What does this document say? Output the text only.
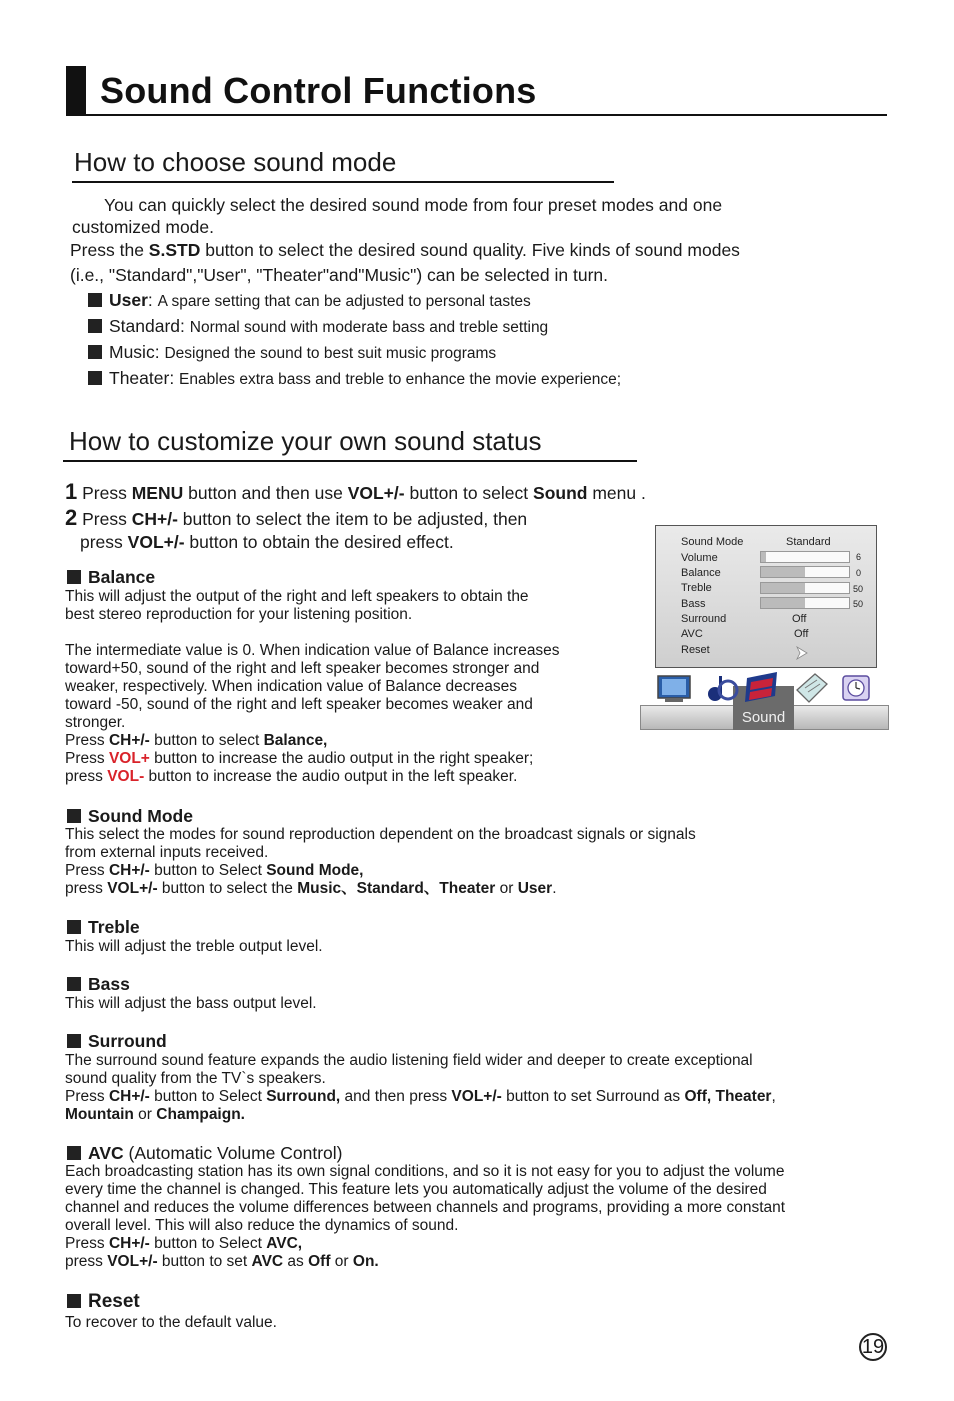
Sound Control Functions
How to choose sound mode
You can quickly select the desired sound mode from four preset modes and one
customized mode.
Press the S.STD button to select the desired sound quality. Five kinds of sound modes
(i.e., "Standard","User", "Theater"and"Music") can be selected in turn.
User: A spare setting that can be adjusted to personal tastes
Standard: Normal sound with moderate bass and treble setting
Music: Designed the sound to best suit music programs
Theater: Enables extra bass and treble to enhance the movie experience;
How to customize your own sound status
1 Press MENU button and then use VOL+/- button to select Sound menu .
2 Press CH+/- button to select the item to be adjusted, then
press VOL+/- button to obtain the desired effect.	Sound Mode	Standard
Volume	6
Balance	0
Treble	50
Bass	50
Surround	Off
AVC	Off
Reset
Sound
Balance
This will adjust the output of the right and left speakers to obtain the
best stereo reproduction for your listening position.
The intermediate value is 0. When indication value of Balance increases
toward+50, sound of the right and left speaker becomes stronger and
weaker, respectively. When indication value of Balance decreases
toward -50, sound of the right and left speaker becomes weaker and
stronger.
Press CH+/- button to select Balance,
Press VOL+ button to increase the audio output in the right speaker;
press VOL- button to increase the audio output in the left speaker.
Sound Mode
This select the modes for sound reproduction dependent on the broadcast signals or signals
from external inputs received.
Press CH+/- button to Select Sound Mode,
press VOL+/- button to select the Music、Standard、Theater or User.
Treble
This will adjust the treble output level.
Bass
This will adjust the bass output level.
Surround
The surround sound feature expands the audio listening field wider and deeper to create exceptional
sound quality from the TV`s speakers.
Press CH+/- button to Select Surround, and then press VOL+/- button to set Surround as Off, Theater,
Mountain or Champaign.
AVC (Automatic Volume Control)
Each broadcasting station has its own signal conditions, and so it is not easy for you to adjust the volume
every time the channel is changed. This feature lets you automatically adjust the volume of the desired
channel and reduces the volume differences between channels and programs, providing a more constant
overall level. This will also reduce the dynamics of sound.
Press CH+/- button to Select AVC,
press VOL+/- button to set AVC as Off or On.
Reset
To recover to the default value.
19
